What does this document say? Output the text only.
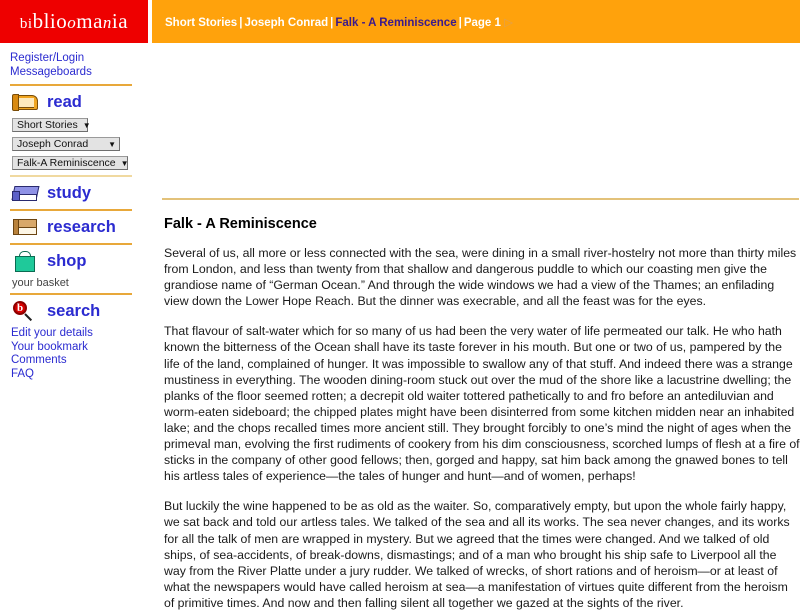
biblioomania	Short Stories | Joseph Conrad | Falk - A Reminiscence | Page 1 ▷
Register/Login
Messageboards
read
Short Stories ▼
Joseph Conrad ▼
Falk-A Reminiscence ▼
study
research
shop
your basket
b search
Edit your details
Your bookmark
Comments
FAQ
Falk - A Reminiscence

Several of us, all more or less connected with the sea, were dining in a small river-hostelry not more than thirty miles from London, and less than twenty from that shallow and dangerous puddle to which our coasting men give the grandiose name of “German Ocean.” And through the wide windows we had a view of the Thames; an enfilading view down the Lower Hope Reach. But the dinner was execrable, and all the feast was for the eyes.

That flavour of salt-water which for so many of us had been the very water of life permeated our talk. He who hath known the bitterness of the Ocean shall have its taste forever in his mouth. But one or two of us, pampered by the life of the land, complained of hunger. It was impossible to swallow any of that stuff. And indeed there was a strange mustiness in everything. The wooden dining-room stuck out over the mud of the shore like a lacustrine dwelling; the planks of the floor seemed rotten; a decrepit old waiter tottered pathetically to and fro before an antediluvian and worm-eaten sideboard; the chipped plates might have been disinterred from some kitchen midden near an inhabited lake; and the chops recalled times more ancient still. They brought forcibly to one’s mind the night of ages when the primeval man, evolving the first rudiments of cookery from his dim consciousness, scorched lumps of flesh at a fire of sticks in the company of other good fellows; then, gorged and happy, sat him back among the gnawed bones to tell his artless tales of experience—the tales of hunger and hunt—and of women, perhaps!

But luckily the wine happened to be as old as the waiter. So, comparatively empty, but upon the whole fairly happy, we sat back and told our artless tales. We talked of the sea and all its works. The sea never changes, and its works for all the talk of men are wrapped in mystery. But we agreed that the times were changed. And we talked of old ships, of sea-accidents, of break-downs, dismastings; and of a man who brought his ship safe to Liverpool all the way from the River Platte under a jury rudder. We talked of wrecks, of short rations and of heroism—or at least of what the newspapers would have called heroism at sea—a manifestation of virtues quite different from the heroism of primitive times. And now and then falling silent all together we gazed at the sights of the river.
